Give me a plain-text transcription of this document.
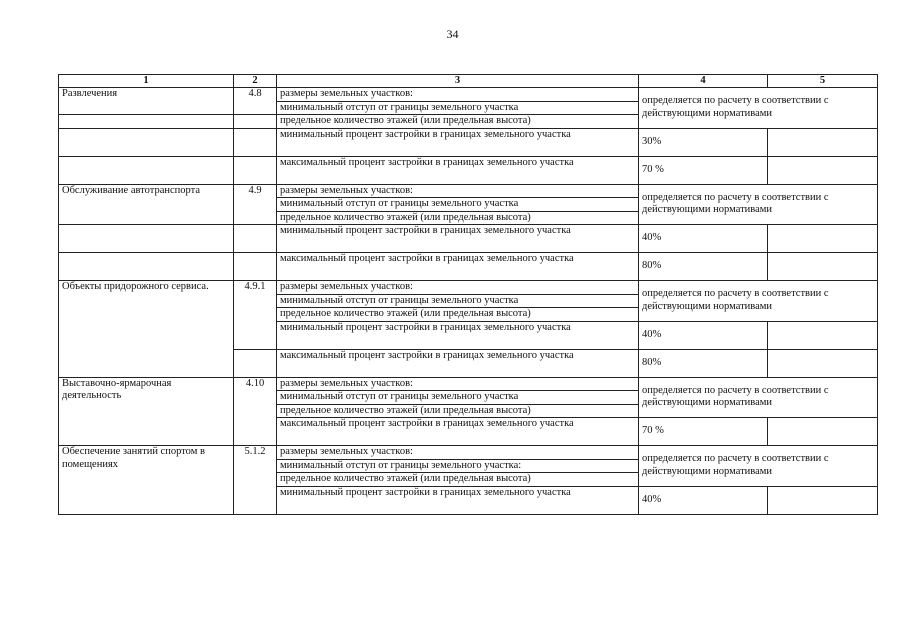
34
1	2	3	4	5
Развлечения	4.8	размеры земельных участков:	определяется по расчету в соответствии с действующими нормативами	
		минимальный отступ от границы земельного участка		
		предельное количество этажей (или предельная высота)		
		минимальный процент застройки в границах земельного участка	30%	
		максимальный процент застройки в границах земельного участка	70 %	
Обслуживание автотранспорта	4.9	размеры земельных участков:	определяется по расчету в соответствии с действующими нормативами	
		минимальный отступ от границы земельного участка		
		предельное количество этажей (или предельная высота)		
		минимальный процент застройки в границах земельного участка	40%	
		максимальный процент застройки в границах земельного участка	80%	
Объекты придорожного сервиса.	4.9.1	размеры земельных участков:	определяется по расчету в соответствии с действующими нормативами	
		минимальный отступ от границы земельного участка		
		предельное количество этажей (или предельная высота)		
		минимальный процент застройки в границах земельного участка	40%	
		максимальный процент застройки в границах земельного участка	80%	
Выставочно-ярмарочная деятельность	4.10	размеры земельных участков:	определяется по расчету в соответствии с действующими нормативами	
		минимальный отступ от границы земельного участка		
		предельное количество этажей (или предельная высота)		
		максимальный процент застройки в границах земельного участка	70 %	
Обеспечение занятий спортом в помещениях	5.1.2	размеры земельных участков:	определяется по расчету в соответствии с действующими нормативами	
		минимальный отступ от границы земельного участка:		
		предельное количество этажей (или предельная высота)		
		минимальный процент застройки в границах земельного участка	40%	
